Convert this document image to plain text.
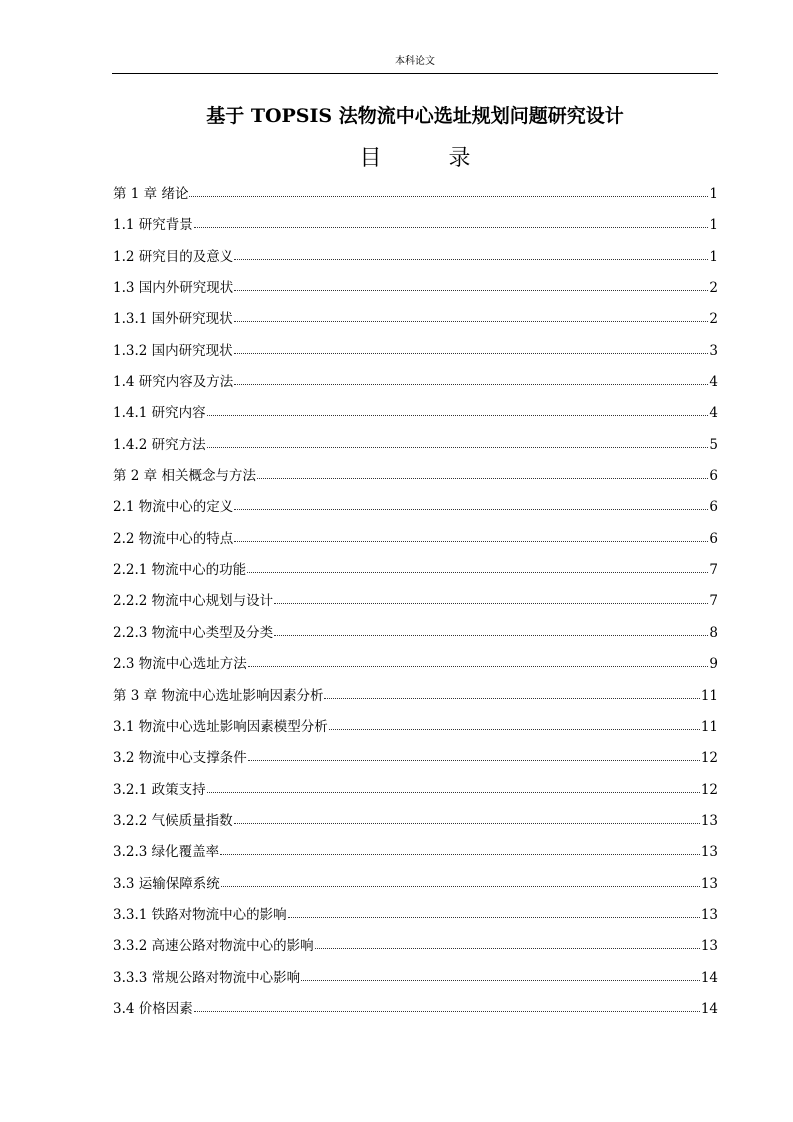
本科论文
基于 TOPSIS 法物流中心选址规划问题研究设计
目 录
第 1 章 绪论	1
1.1 研究背景	1
1.2 研究目的及意义	1
1.3 国内外研究现状	2
1.3.1 国外研究现状	2
1.3.2 国内研究现状	3
1.4 研究内容及方法	4
1.4.1 研究内容	4
1.4.2 研究方法	5
第 2 章 相关概念与方法	6
2.1 物流中心的定义	6
2.2 物流中心的特点	6
2.2.1 物流中心的功能	7
2.2.2 物流中心规划与设计	7
2.2.3 物流中心类型及分类	8
2.3 物流中心选址方法	9
第 3 章 物流中心选址影响因素分析	11
3.1 物流中心选址影响因素模型分析	11
3.2 物流中心支撑条件	12
3.2.1 政策支持	12
3.2.2 气候质量指数	13
3.2.3 绿化覆盖率	13
3.3 运输保障系统	13
3.3.1 铁路对物流中心的影响	13
3.3.2 高速公路对物流中心的影响	13
3.3.3 常规公路对物流中心影响	14
3.4 价格因素	14
